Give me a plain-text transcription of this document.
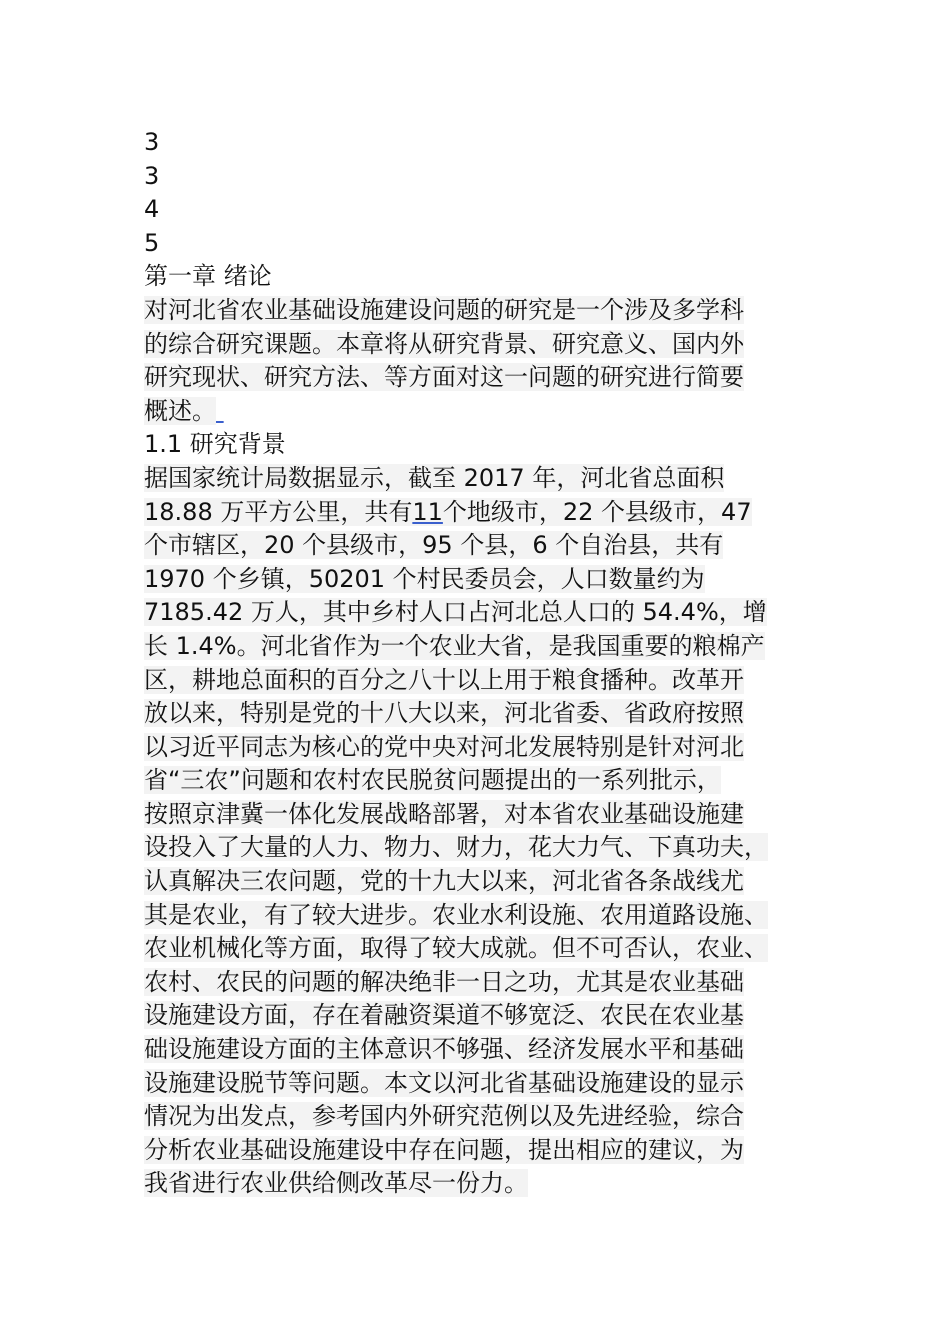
3
3
4
5
第一章 绪论
对河北省农业基础设施建设问题的研究是一个涉及多学科
的综合研究课题。本章将从研究背景、研究意义、国内外
研究现状、研究方法、等方面对这一问题的研究进行简要
概述。
1.1 研究背景
据国家统计局数据显示，截至 2017 年，河北省总面积
18.88 万平方公里，共有11个地级市，22 个县级市，47
个市辖区，20 个县级市，95 个县，6 个自治县，共有
1970 个乡镇，50201 个村民委员会，人口数量约为
7185.42 万人，其中乡村人口占河北总人口的 54.4%，增
长 1.4%。河北省作为一个农业大省，是我国重要的粮棉产
区，耕地总面积的百分之八十以上用于粮食播种。改革开
放以来，特别是党的十八大以来，河北省委、省政府按照
以习近平同志为核心的党中央对河北发展特别是针对河北
省“三农”问题和农村农民脱贫问题提出的一系列批示，
按照京津冀一体化发展战略部署，对本省农业基础设施建
设投入了大量的人力、物力、财力，花大力气、下真功夫，
认真解决三农问题，党的十九大以来，河北省各条战线尤
其是农业，有了较大进步。农业水利设施、农用道路设施、
农业机械化等方面，取得了较大成就。但不可否认，农业、
农村、农民的问题的解决绝非一日之功，尤其是农业基础
设施建设方面，存在着融资渠道不够宽泛、农民在农业基
础设施建设方面的主体意识不够强、经济发展水平和基础
设施建设脱节等问题。本文以河北省基础设施建设的显示
情况为出发点，参考国内外研究范例以及先进经验，综合
分析农业基础设施建设中存在问题，提出相应的建议，为
我省进行农业供给侧改革尽一份力。
